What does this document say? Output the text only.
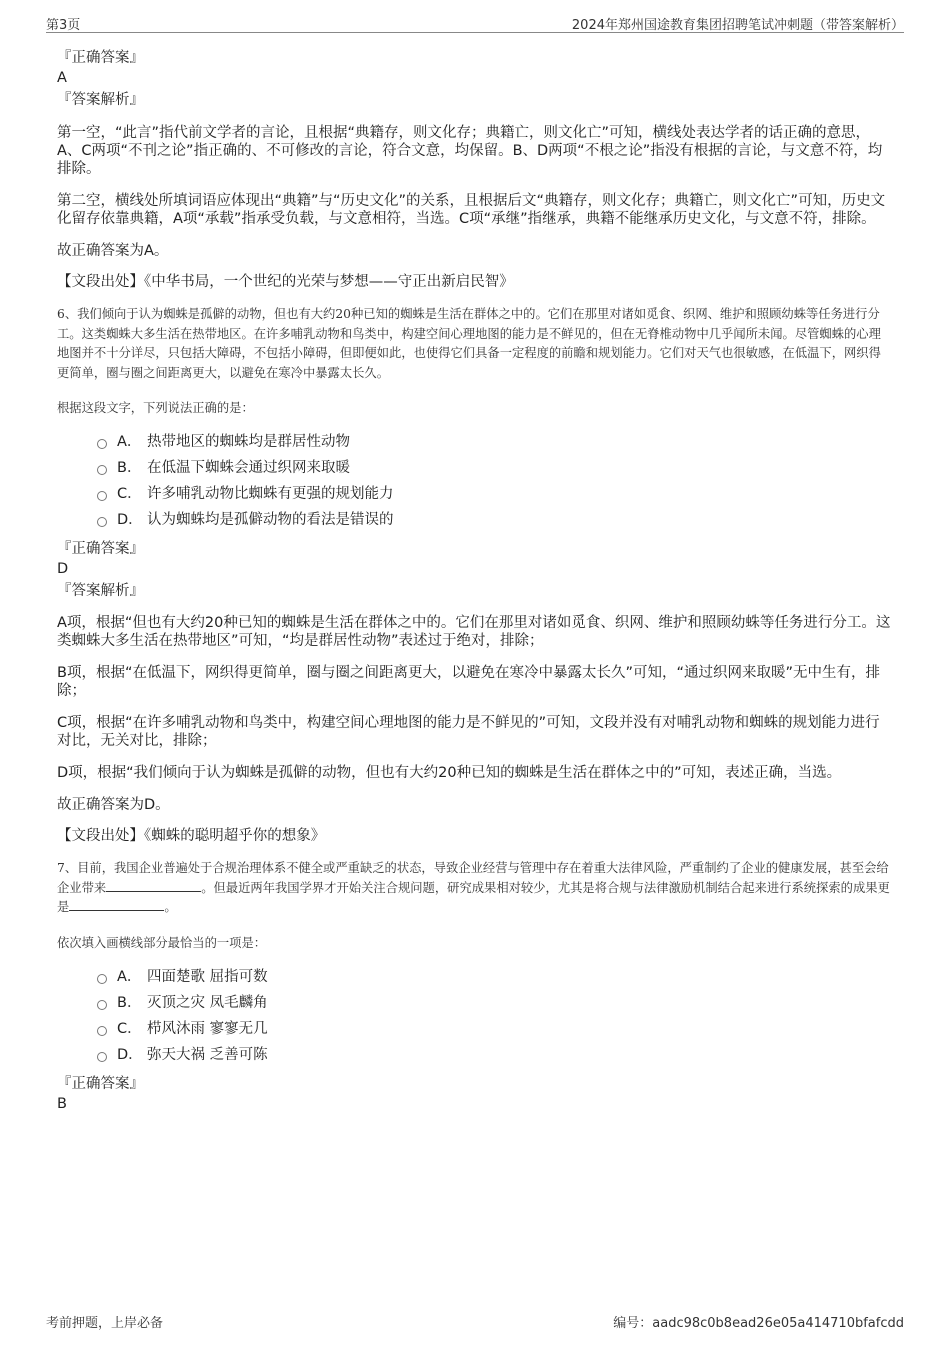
第3页	2024年郑州国途教育集团招聘笔试冲刺题（带答案解析）

『正确答案』

A

『答案解析』

第一空，“此言”指代前文学者的言论，且根据“典籍存，则文化存；典籍亡，则文化亡”可知，横线处表达学者的话正确的意思，A、C两项“不刊之论”指正确的、不可修改的言论，符合文意，均保留。B、D两项“不根之论”指没有根据的言论，与文意不符，均排除。

第二空，横线处所填词语应体现出“典籍”与“历史文化”的关系，且根据后文“典籍存，则文化存；典籍亡，则文化亡”可知，历史文化留存依靠典籍，A项“承载”指承受负载，与文意相符，当选。C项“承继”指继承，典籍不能继承历史文化，与文意不符，排除。

故正确答案为A。

【文段出处】《中华书局，一个世纪的光荣与梦想——守正出新启民智》

6、我们倾向于认为蜘蛛是孤僻的动物，但也有大约20种已知的蜘蛛是生活在群体之中的。它们在那里对诸如觅食、织网、维护和照顾幼蛛等任务进行分工。这类蜘蛛大多生活在热带地区。在许多哺乳动物和鸟类中，构建空间心理地图的能力是不鲜见的，但在无脊椎动物中几乎闻所未闻。尽管蜘蛛的心理地图并不十分详尽，只包括大障碍，不包括小障碍，但即便如此，也使得它们具备一定程度的前瞻和规划能力。它们对天气也很敏感，在低温下，网织得更简单，圈与圈之间距离更大，以避免在寒冷中暴露太长久。

根据这段文字，下列说法正确的是：

A． 热带地区的蜘蛛均是群居性动物
B． 在低温下蜘蛛会通过织网来取暖
C． 许多哺乳动物比蜘蛛有更强的规划能力
D． 认为蜘蛛均是孤僻动物的看法是错误的

『正确答案』

D

『答案解析』

A项，根据“但也有大约20种已知的蜘蛛是生活在群体之中的。它们在那里对诸如觅食、织网、维护和照顾幼蛛等任务进行分工。这类蜘蛛大多生活在热带地区”可知，“均是群居性动物”表述过于绝对，排除；

B项，根据“在低温下，网织得更简单，圈与圈之间距离更大，以避免在寒冷中暴露太长久”可知，“通过织网来取暖”无中生有，排除；

C项，根据“在许多哺乳动物和鸟类中，构建空间心理地图的能力是不鲜见的”可知，文段并没有对哺乳动物和蜘蛛的规划能力进行对比，无关对比，排除；

D项，根据“我们倾向于认为蜘蛛是孤僻的动物，但也有大约20种已知的蜘蛛是生活在群体之中的”可知，表述正确，当选。

故正确答案为D。

【文段出处】《蜘蛛的聪明超乎你的想象》

7、目前，我国企业普遍处于合规治理体系不健全或严重缺乏的状态，导致企业经营与管理中存在着重大法律风险，严重制约了企业的健康发展，甚至会给企业带来	。但最近两年我国学界才开始关注合规问题，研究成果相对较少，尤其是将合规与法律激励机制结合起来进行系统探索的成果更是	。

依次填入画横线部分最恰当的一项是：

A． 四面楚歌 屈指可数
B． 灭顶之灾 凤毛麟角
C． 栉风沐雨 寥寥无几
D． 弥天大祸 乏善可陈

『正确答案』

B

考前押题，上岸必备	编号：aadc98c0b8ead26e05a414710bfafcdd
